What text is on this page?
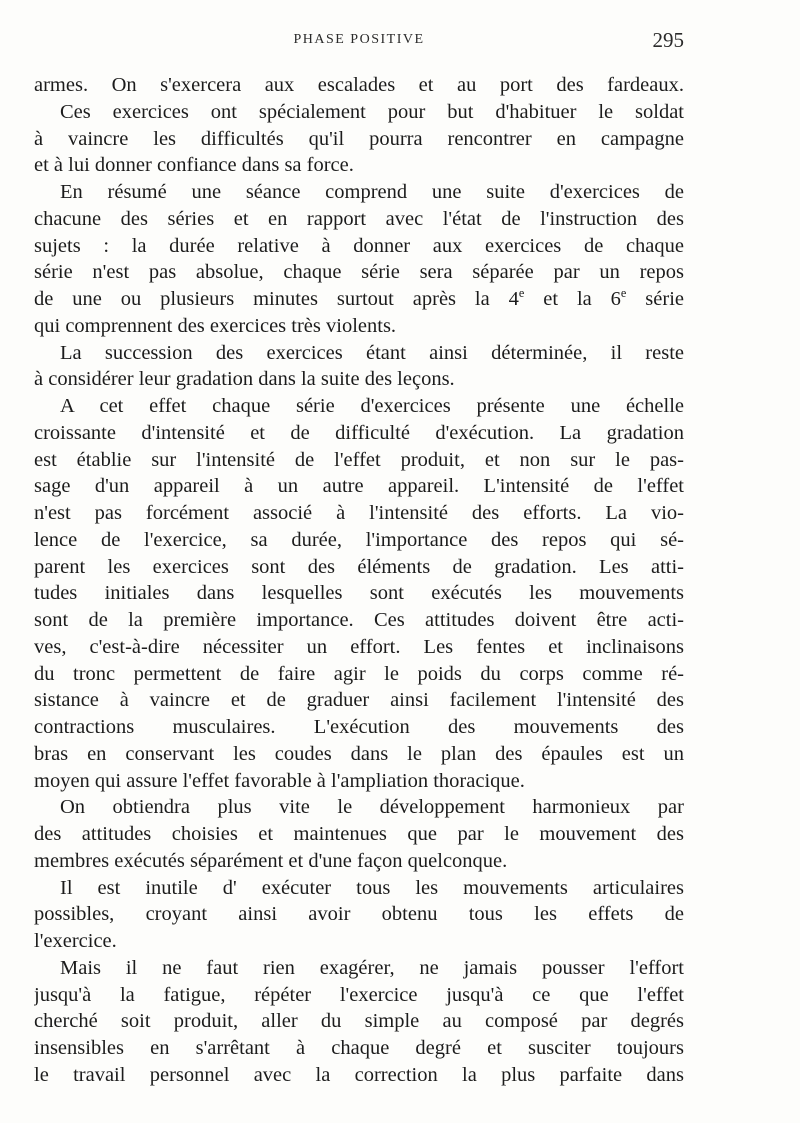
PHASE POSITIVE	295
armes. On s'exercera aux escalades et au port des fardeaux.
Ces exercices ont spécialement pour but d'habituer le soldat
à vaincre les difficultés qu'il pourra rencontrer en campagne
et à lui donner confiance dans sa force.
En résumé une séance comprend une suite d'exercices de
chacune des séries et en rapport avec l'état de l'instruction des
sujets : la durée relative à donner aux exercices de chaque
série n'est pas absolue, chaque série sera séparée par un repos
de une ou plusieurs minutes surtout après la 4e et la 6e série
qui comprennent des exercices très violents.
La succession des exercices étant ainsi déterminée, il reste
à considérer leur gradation dans la suite des leçons.
A cet effet chaque série d'exercices présente une échelle
croissante d'intensité et de difficulté d'exécution. La gradation
est établie sur l'intensité de l'effet produit, et non sur le pas-
sage d'un appareil à un autre appareil. L'intensité de l'effet
n'est pas forcément associé à l'intensité des efforts. La vio-
lence de l'exercice, sa durée, l'importance des repos qui sé-
parent les exercices sont des éléments de gradation. Les atti-
tudes initiales dans lesquelles sont exécutés les mouvements
sont de la première importance. Ces attitudes doivent être acti-
ves, c'est-à-dire nécessiter un effort. Les fentes et inclinaisons
du tronc permettent de faire agir le poids du corps comme ré-
sistance à vaincre et de graduer ainsi facilement l'intensité des
contractions musculaires. L'exécution des mouvements des
bras en conservant les coudes dans le plan des épaules est un
moyen qui assure l'effet favorable à l'ampliation thoracique.
On obtiendra plus vite le développement harmonieux par
des attitudes choisies et maintenues que par le mouvement des
membres exécutés séparément et d'une façon quelconque.
Il est inutile d' exécuter tous les mouvements articulaires
possibles, croyant ainsi avoir obtenu tous les effets de
l'exercice.
Mais il ne faut rien exagérer, ne jamais pousser l'effort
jusqu'à la fatigue, répéter l'exercice jusqu'à ce que l'effet
cherché soit produit, aller du simple au composé par degrés
insensibles en s'arrêtant à chaque degré et susciter toujours
le travail personnel avec la correction la plus parfaite dans
